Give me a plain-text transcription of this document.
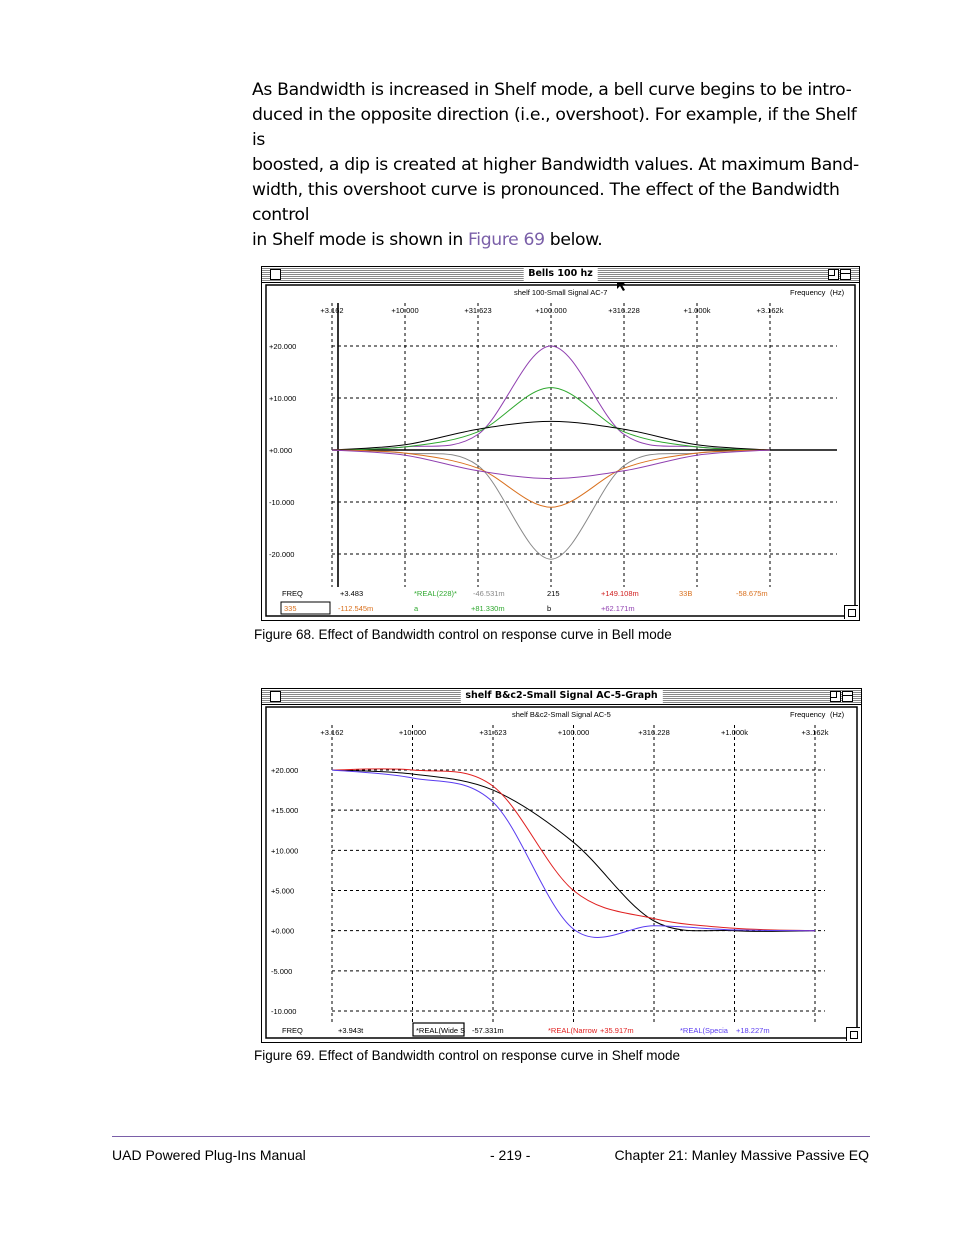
As Bandwidth is increased in Shelf mode, a bell curve begins to be intro-
duced in the opposite direction (i.e., overshoot). For example, if the Shelf is
boosted, a dip is created at higher Bandwidth values. At maximum Band-
width, this overshoot curve is pronounced. The effect of the Bandwidth control
in Shelf mode is shown in Figure 69 below.
shelf 100-Small Signal AC-7	Frequency (Hz)
+3.162	+10.000	+31.623	+100.000	+316.228	+1.000k	+3.162k
+20.000
+10.000
+0.000
-10.000
-20.000
FREQ	+3.483	*REAL(228)* -46.531m	215	+149.108m	33B	-58.675m
335	-112.545m	a	+81.330m	b	+62.171m
Bells 100 hz
Figure 68. Effect of Bandwidth control on response curve in Bell mode
shelf B&c2-Small Signal AC-5	Frequency (Hz)
+3.162	+10.000	+31.623	+100.000	+316.228	+1.000k	+3.162k
+20.000
+15.000
+10.000
+5.000
+0.000
-5.000
-10.000
FREQ	+3.943t	*REAL(Wide S -57.331m	*REAL(Narrow +35.917m	*REAL(Specia +18.227m
shelf B&c2-Small Signal AC-5-Graph
Figure 69. Effect of Bandwidth control on response curve in Shelf mode
UAD Powered Plug-Ins Manual	- 219 -	Chapter 21: Manley Massive Passive EQ
